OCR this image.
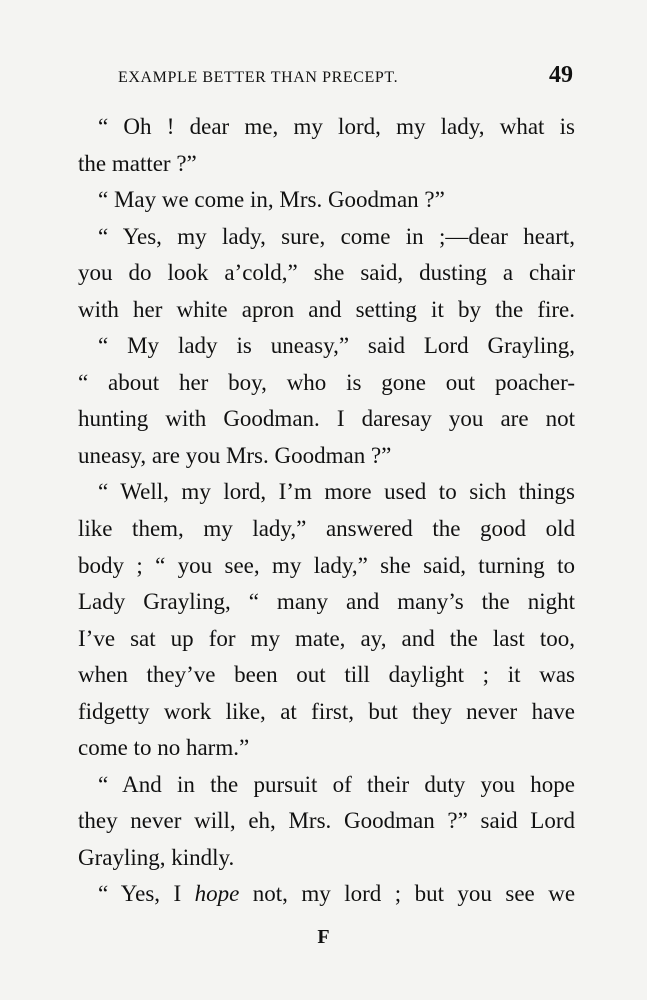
EXAMPLE BETTER THAN PRECEPT.	49
“ Oh ! dear me, my lord, my lady, what is
the matter ?”
“ May we come in, Mrs. Goodman ?”
“ Yes, my lady, sure, come in ;—dear heart,
you do look a’cold,” she said, dusting a chair
with her white apron and setting it by the fire.
“ My lady is uneasy,” said Lord Grayling,
“ about her boy, who is gone out poacher-
hunting with Goodman. I daresay you are not
uneasy, are you Mrs. Goodman ?”
“ Well, my lord, I’m more used to sich things
like them, my lady,” answered the good old
body ; “ you see, my lady,” she said, turning to
Lady Grayling, “ many and many’s the night
I’ve sat up for my mate, ay, and the last too,
when they’ve been out till daylight ; it was
fidgetty work like, at first, but they never have
come to no harm.”
“ And in the pursuit of their duty you hope
they never will, eh, Mrs. Goodman ?” said Lord
Grayling, kindly.
“ Yes, I hope not, my lord ; but you see we
F
